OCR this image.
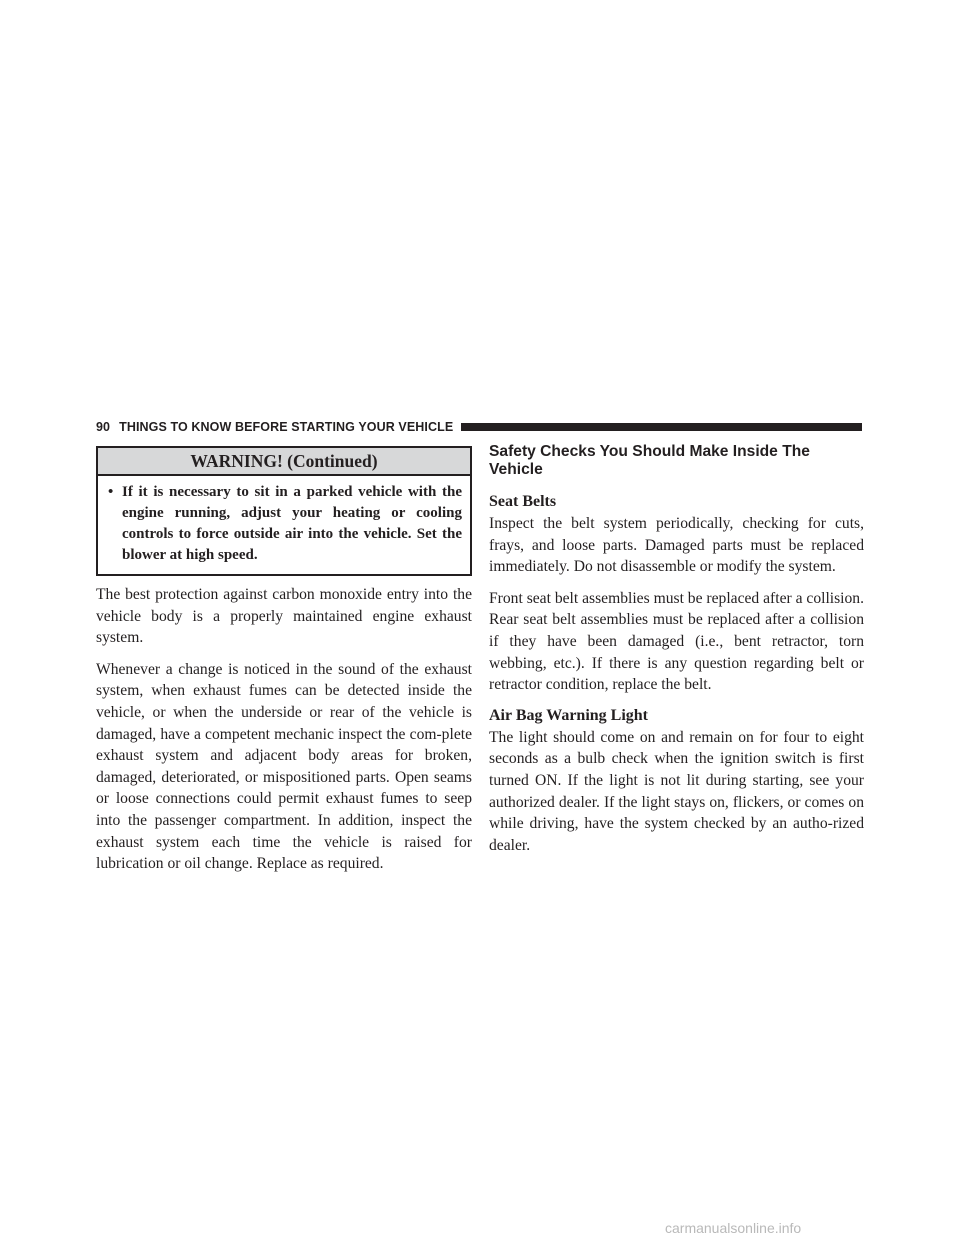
90 THINGS TO KNOW BEFORE STARTING YOUR VEHICLE
WARNING! (Continued)
• If it is necessary to sit in a parked vehicle with the engine running, adjust your heating or cooling controls to force outside air into the vehicle. Set the blower at high speed.

The best protection against carbon monoxide entry into the vehicle body is a properly maintained engine exhaust system.

Whenever a change is noticed in the sound of the exhaust system, when exhaust fumes can be detected inside the vehicle, or when the underside or rear of the vehicle is damaged, have a competent mechanic inspect the com-plete exhaust system and adjacent body areas for broken, damaged, deteriorated, or mispositioned parts. Open seams or loose connections could permit exhaust fumes to seep into the passenger compartment. In addition, inspect the exhaust system each time the vehicle is raised for lubrication or oil change. Replace as required.

Safety Checks You Should Make Inside The Vehicle
Seat Belts

Inspect the belt system periodically, checking for cuts, frays, and loose parts. Damaged parts must be replaced immediately. Do not disassemble or modify the system.

Front seat belt assemblies must be replaced after a collision. Rear seat belt assemblies must be replaced after a collision if they have been damaged (i.e., bent retractor, torn webbing, etc.). If there is any question regarding belt or retractor condition, replace the belt.

Air Bag Warning Light

The light should come on and remain on for four to eight seconds as a bulb check when the ignition switch is first turned ON. If the light is not lit during starting, see your authorized dealer. If the light stays on, flickers, or comes on while driving, have the system checked by an autho-rized dealer.

carmanualsonline.info
